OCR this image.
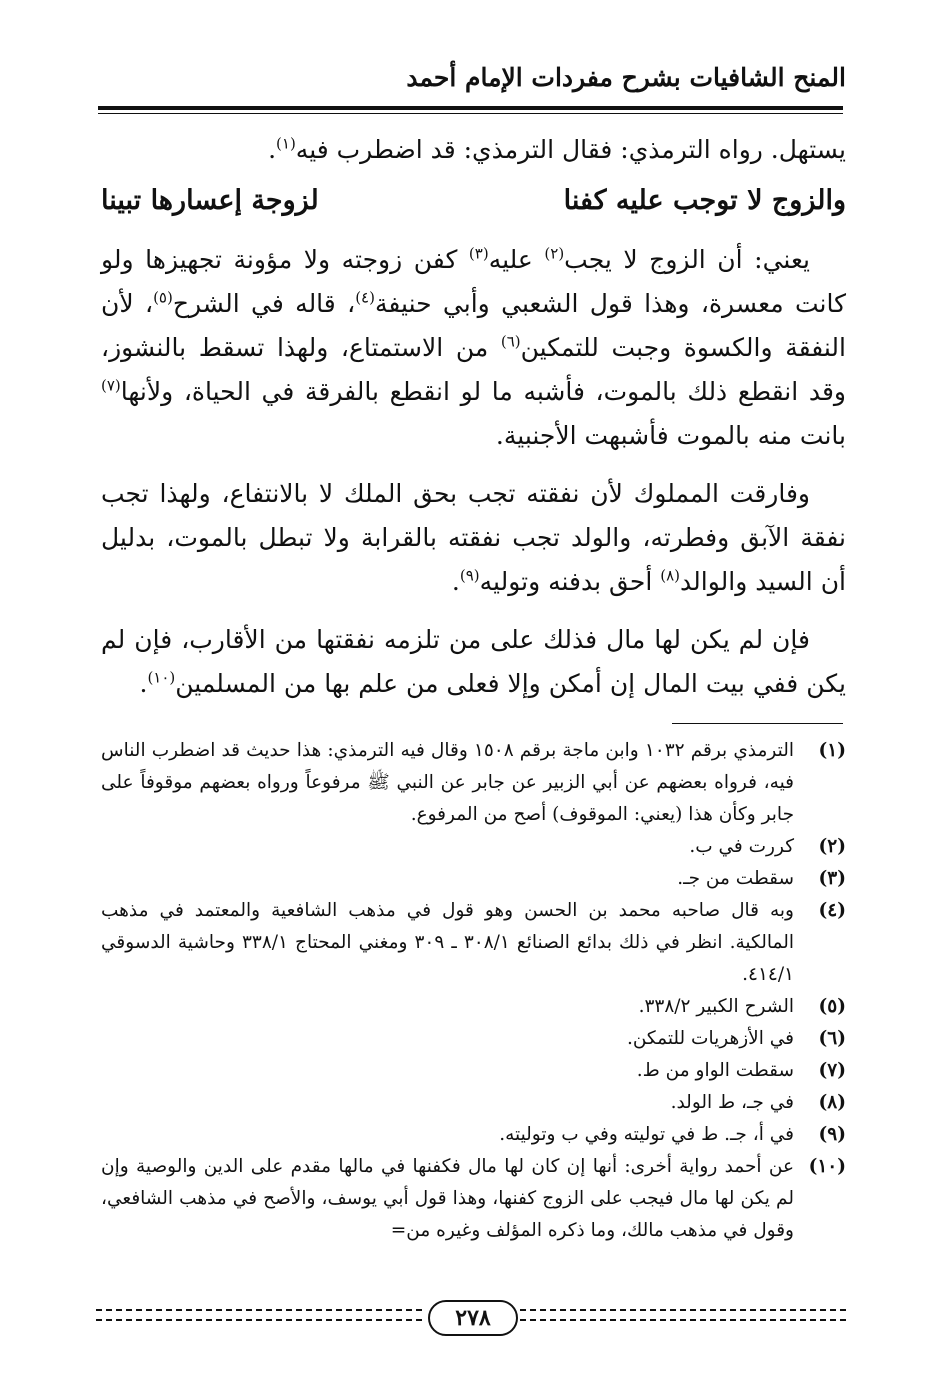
المنح الشافيات بشرح مفردات الإمام أحمد

يستهل. رواه الترمذي: فقال الترمذي: قد اضطرب فيه$^{(١)}$.

والزوج لا توجب عليه كفنا
لزوجة إعسارها تبينا

يعني: أن الزوج لا يجب$^{(٢)}$ عليه$^{(٣)}$ كفن زوجته ولا مؤونة تجهيزها ولو كانت معسرة، وهذا قول الشعبي وأبي حنيفة$^{(٤)}$، قاله في الشرح$^{(٥)}$، لأن النفقة والكسوة وجبت للتمكين$^{(٦)}$ من الاستمتاع، ولهذا تسقط بالنشوز، وقد انقطع ذلك بالموت، فأشبه ما لو انقطع بالفرقة في الحياة، ولأنها$^{(٧)}$ بانت منه بالموت فأشبهت الأجنبية.

وفارقت المملوك لأن نفقته تجب بحق الملك لا بالانتفاع، ولهذا تجب نفقة الآبق وفطرته، والولد تجب نفقته بالقرابة ولا تبطل بالموت، بدليل أن السيد والوالد$^{(٨)}$ أحق بدفنه وتوليه$^{(٩)}$.

فإن لم يكن لها مال فذلك على من تلزمه نفقتها من الأقارب، فإن لم يكن ففي بيت المال إن أمكن وإلا فعلى من علم بها من المسلمين$^{(١٠)}$.

(١)
الترمذي برقم ١٠٣٢ وابن ماجة برقم ١٥٠٨ وقال فيه الترمذي: هذا حديث قد اضطرب الناس فيه، فرواه بعضهم عن أبي الزبير عن جابر عن النبي ﷺ مرفوعاً ورواه بعضهم موقوفاً على جابر وكأن هذا (يعني: الموقوف) أصح من المرفوع.
(٢)
كررت في ب.
(٣)
سقطت من جـ.
(٤)
وبه قال صاحبه محمد بن الحسن وهو قول في مذهب الشافعية والمعتمد في مذهب المالكية. انظر في ذلك بدائع الصنائع ٣٠٨/١ ـ ٣٠٩ ومغني المحتاج ٣٣٨/١ وحاشية الدسوقي ٤١٤/١.
(٥)
الشرح الكبير ٣٣٨/٢.
(٦)
في الأزهريات للتمكن.
(٧)
سقطت الواو من ط.
(٨)
في جـ، ط الولد.
(٩)
في أ، جـ. ط في توليته وفي ب وتوليته.
(١٠)
عن أحمد رواية أخرى: أنها إن كان لها مال فكفنها في مالها مقدم على الدين والوصية وإن لم يكن لها مال فيجب على الزوج كفنها، وهذا قول أبي يوسف، والأصح في مذهب الشافعي، وقول في مذهب مالك، وما ذكره المؤلف وغيره من=
٢٧٨
